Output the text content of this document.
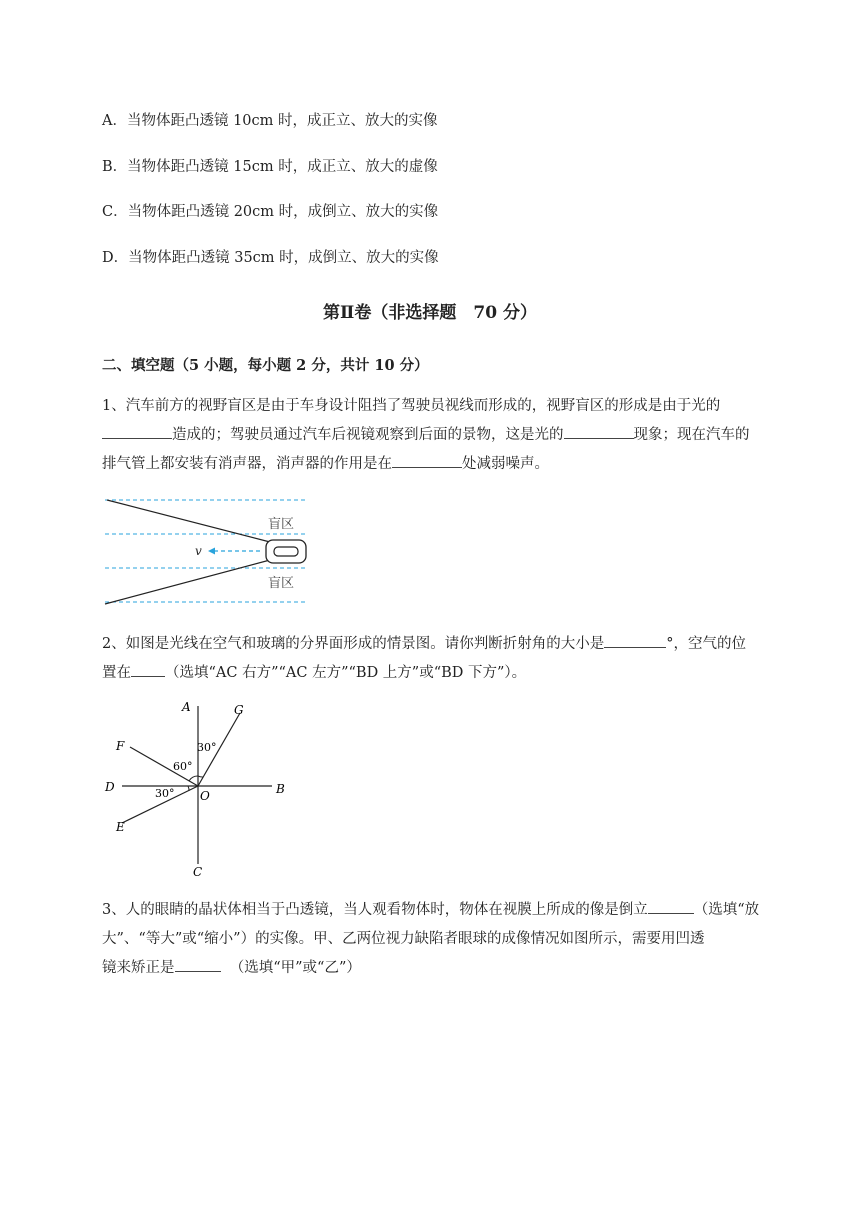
A．当物体距凸透镜 10cm 时，成正立、放大的实像
B．当物体距凸透镜 15cm 时，成正立、放大的虚像
C．当物体距凸透镜 20cm 时，成倒立、放大的实像
D．当物体距凸透镜 35cm 时，成倒立、放大的实像
第Ⅱ卷（非选择题　70 分）
二、填空题（5 小题，每小题 2 分，共计 10 分）
1、汽车前方的视野盲区是由于车身设计阻挡了驾驶员视线而形成的，视野盲区的形成是由于光的
造成的；驾驶员通过汽车后视镜观察到后面的景物，这是光的	现象；现在汽车的
排气管上都安装有消声器，消声器的作用是在	处减弱噪声。
v
盲区
盲区
2、如图是光线在空气和玻璃的分界面形成的情景图。请你判断折射角的大小是	°，空气的位
置在 （选填“AC 右方”“AC 左方”“BD 上方”或“BD 下方”）。
A	G
F	30°
60°
D	B
30° O
E
C
3、人的眼睛的晶状体相当于凸透镜，当人观看物体时，物体在视膜上所成的像是倒立	（选填“放
大”、“等大”或“缩小”）的实像。甲、乙两位视力缺陷者眼球的成像情况如图所示，需要用凹透
镜来矫正是	（选填“甲”或“乙”）
